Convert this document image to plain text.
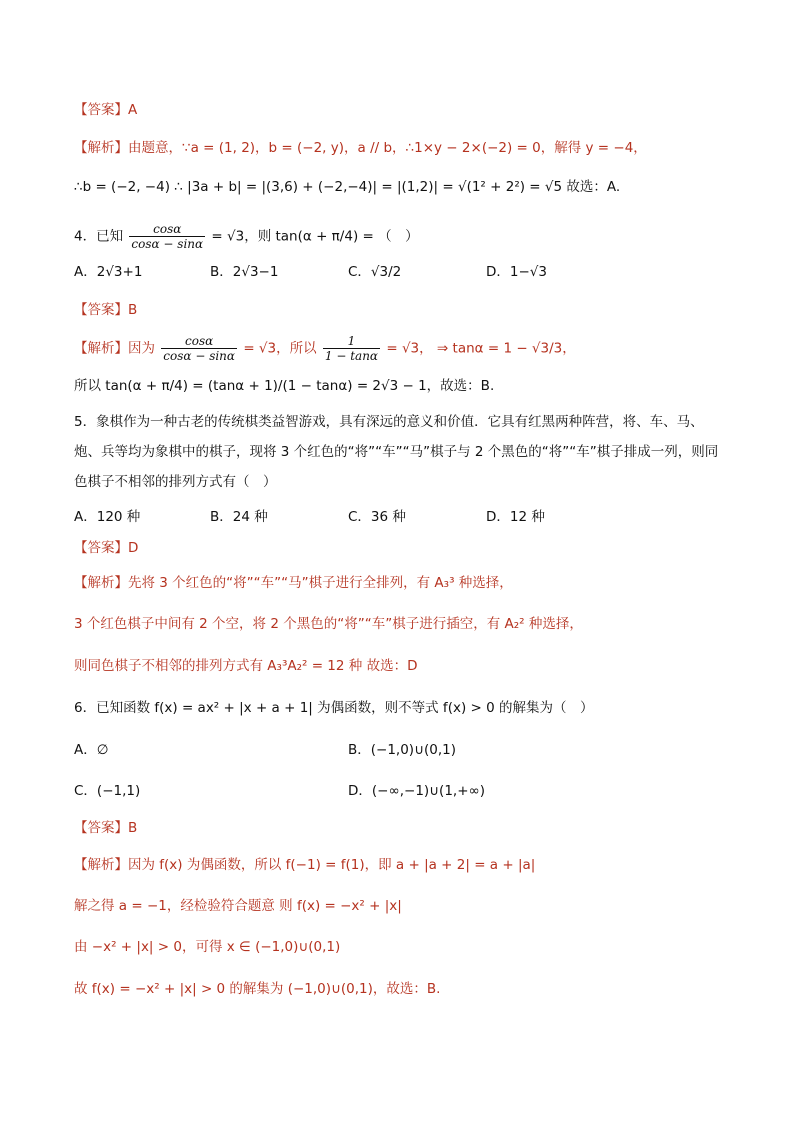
【答案】A
【解析】由题意，∵a = (1, 2)，b = (−2, y)，a // b，∴1×y − 2×(−2) = 0，解得 y = −4，
∴b = (−2, −4) ∴ |3a + b| = |(3,6) + (−2,−4)| = |(1,2)| = √(1² + 2²) = √5 故选：A.
4．已知 $\frac{\cos\alpha}{\cos\alpha - \sin\alpha} = √3$，则 tan(α + π/4) = （　）
A．2√3+1	B．2√3−1	C．√3/2	D．1−√3
【答案】B
【解析】因为 $\frac{\cos\alpha}{\cos\alpha - \sin\alpha} = √3$，所以 $\frac{1}{1 - \tan\alpha} = √3$， ⇒ tanα = 1 − √3/3，
所以 tan(α + π/4) = (tanα + 1)/(1 − tanα) = 2√3 − 1，故选：B.
5．象棋作为一种古老的传统棋类益智游戏，具有深远的意义和价值．它具有红黑两种阵营，将、车、马、
炮、兵等均为象棋中的棋子，现将 3 个红色的“将”“车”“马”棋子与 2 个黑色的“将”“车”棋子排成一列，则同
色棋子不相邻的排列方式有（　）
A．120 种	B．24 种	C．36 种	D．12 种
【答案】D
【解析】先将 3 个红色的“将”“车”“马”棋子进行全排列，有 A₃³ 种选择，
3 个红色棋子中间有 2 个空，将 2 个黑色的“将”“车”棋子进行插空，有 A₂² 种选择，
则同色棋子不相邻的排列方式有 A₃³A₂² = 12 种 故选：D
6．已知函数 f(x) = ax² + |x + a + 1| 为偶函数，则不等式 f(x) > 0 的解集为（　）
A．∅	B．(−1,0)∪(0,1)
C．(−1,1)	D．(−∞,−1)∪(1,+∞)
【答案】B
【解析】因为 f(x) 为偶函数，所以 f(−1) = f(1)，即 a + |a + 2| = a + |a|
解之得 a = −1，经检验符合题意 则 f(x) = −x² + |x|
由 −x² + |x| > 0，可得 x ∈ (−1,0)∪(0,1)
故 f(x) = −x² + |x| > 0 的解集为 (−1,0)∪(0,1)，故选：B.
